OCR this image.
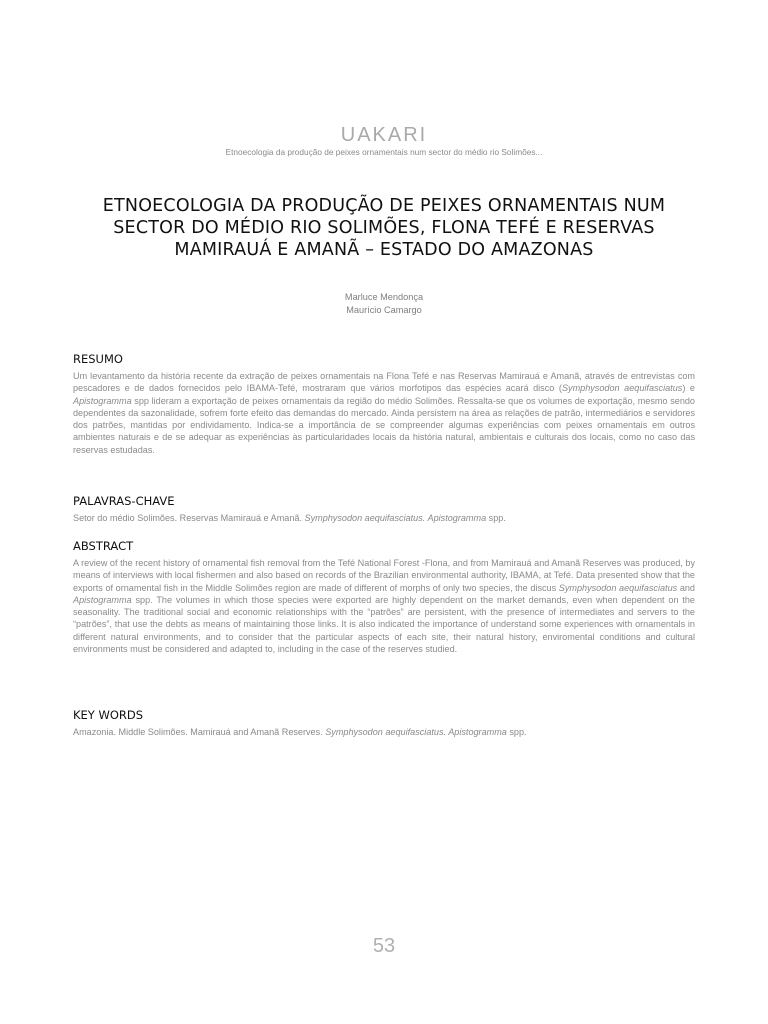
UAKARI
Etnoecologia da produção de peixes ornamentais num sector do médio rio Solimões...
ETNOECOLOGIA DA PRODUÇÃO DE PEIXES ORNAMENTAIS NUM SECTOR DO MÉDIO RIO SOLIMÕES, FLONA TEFÉ E RESERVAS MAMIRAUÁ E AMANÃ – ESTADO DO AMAZONAS
Marluce Mendonça
Maurício Camargo
RESUMO

Um levantamento da história recente da extração de peixes ornamentais na Flona Tefé e nas Reservas Mamirauá e Amanã, através de entrevistas com pescadores e de dados fornecidos pelo IBAMA-Tefé, mostraram que vários morfotipos das espécies acará disco (Symphysodon aequifasciatus) e Apistogramma spp lideram a exportação de peixes ornamentais da região do médio Solimões. Ressalta-se que os volumes de exportação, mesmo sendo dependentes da sazonalidade, sofrem forte efeito das demandas do mercado. Ainda persistem na área as relações de patrão, intermediários e servidores dos patrões, mantidas por endividamento. Indica-se a importância de se compreender algumas experiências com peixes ornamentais em outros ambientes naturais e de se adequar as experiências às particularidades locais da história natural, ambientais e culturais dos locais, como no caso das reservas estudadas.

PALAVRAS-CHAVE

Setor do médio Solimões. Reservas Mamirauá e Amanã. Symphysodon aequifasciatus. Apistogramma spp.

ABSTRACT

A review of the recent history of ornamental fish removal from the Tefé National Forest -Flona, and from Mamirauá and Amanã Reserves was produced, by means of interviews with local fishermen and also based on records of the Brazilian environmental authority, IBAMA, at Tefé. Data presented show that the exports of ornamental fish in the Middle Solimões region are made of different of morphs of only two species, the discus Symphysodon aequifasciatus and Apistogramma spp. The volumes in which those species were exported are highly dependent on the market demands, even when dependent on the seasonality. The traditional social and economic relationships with the “patrões” are persistent, with the presence of intermediates and servers to the “patrões”, that use the debts as means of maintaining those links. It is also indicated the importance of understand some experiences with ornamentals in different natural environments, and to consider that the particular aspects of each site, their natural history, enviromental conditions and cultural environments must be considered and adapted to, including in the case of the reserves studied.

KEY WORDS

Amazonia. Middle Solimões. Mamirauá and Amanã Reserves. Symphysodon aequifasciatus. Apistogramma spp.

53
